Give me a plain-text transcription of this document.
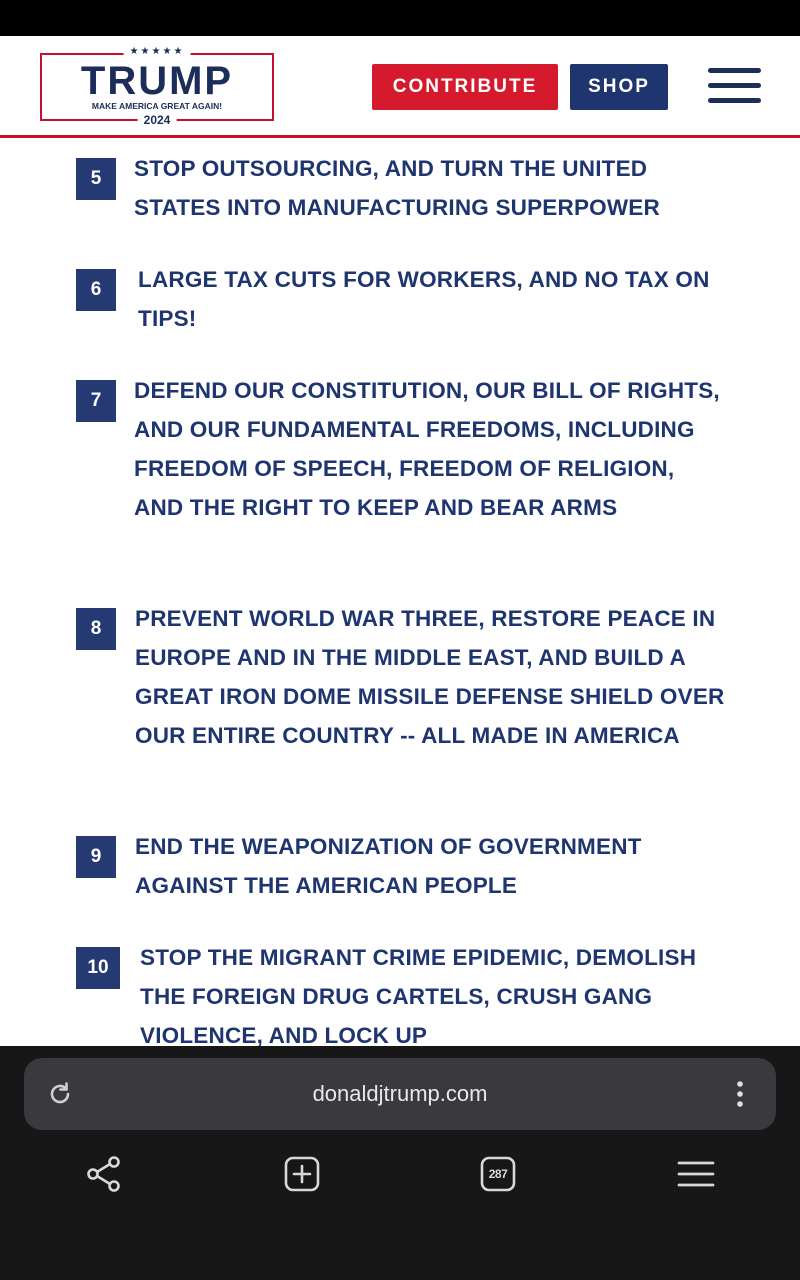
★★★★★
TRUMP
MAKE AMERICA GREAT AGAIN!
2024
CONTRIBUTE	SHOP
5	STOP OUTSOURCING, AND TURN THE UNITED STATES INTO MANUFACTURING SUPERPOWER
6	LARGE TAX CUTS FOR WORKERS, AND NO TAX ON TIPS!
7	DEFEND OUR CONSTITUTION, OUR BILL OF RIGHTS, AND OUR FUNDAMENTAL FREEDOMS, INCLUDING FREEDOM OF SPEECH, FREEDOM OF RELIGION, AND THE RIGHT TO KEEP AND BEAR ARMS
8	PREVENT WORLD WAR THREE, RESTORE PEACE IN EUROPE AND IN THE MIDDLE EAST, AND BUILD A GREAT IRON DOME MISSILE DEFENSE SHIELD OVER OUR ENTIRE COUNTRY -- ALL MADE IN AMERICA
9	END THE WEAPONIZATION OF GOVERNMENT AGAINST THE AMERICAN PEOPLE
10	STOP THE MIGRANT CRIME EPIDEMIC, DEMOLISH THE FOREIGN DRUG CARTELS, CRUSH GANG VIOLENCE, AND LOCK UP
donaldjtrump.com
287
